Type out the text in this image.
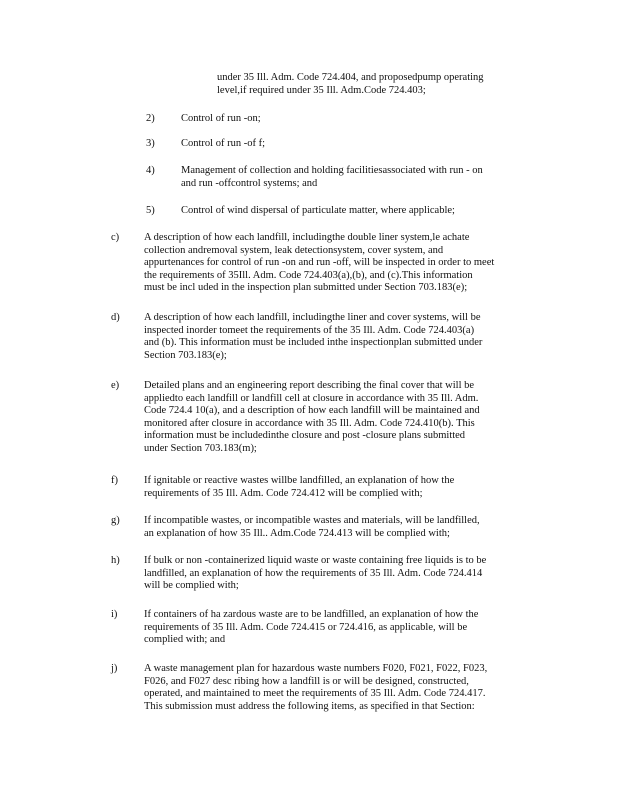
under 35 Ill. Adm. Code 724.404, and proposedpump operating
level,if required under 35 Ill. Adm.Code 724.403;
2)	Control of run -on;
3)	Control of run -of f;
4)	Management of collection and holding facilitiesassociated with run - on
and run -offcontrol systems; and
5)	Control of wind dispersal of particulate matter, where applicable;
c) A description of how each landfill, includingthe double liner system,le achate
collection andremoval system, leak detectionsystem, cover system, and
appurtenances for control of run -on and run -off, will be inspected in order to meet
the requirements of 35Ill. Adm. Code 724.403(a),(b), and (c).This information
must be incl uded in the inspection plan submitted under Section 703.183(e);
d) A description of how each landfill, includingthe liner and cover systems, will be
inspected inorder tomeet the requirements of the 35 Ill. Adm. Code 724.403(a)
and (b). This information must be included inthe inspectionplan submitted under
Section 703.183(e);
e) Detailed plans and an engineering report describing the final cover that will be
appliedto each landfill or landfill cell at closure in accordance with 35 Ill. Adm.
Code 724.4 10(a), and a description of how each landfill will be maintained and
monitored after closure in accordance with 35 Ill. Adm. Code 724.410(b). This
information must be includedinthe closure and post -closure plans submitted
under Section 703.183(m);
f) If ignitable or reactive wastes willbe landfilled, an explanation of how the
requirements of 35 Ill. Adm. Code 724.412 will be complied with;
g) If incompatible wastes, or incompatible wastes and materials, will be landfilled,
an explanation of how 35 Ill.. Adm.Code 724.413 will be complied with;
h) If bulk or non -containerized liquid waste or waste containing free liquids is to be
landfilled, an explanation of how the requirements of 35 Ill. Adm. Code 724.414
will be complied with;
i)	If containers of ha zardous waste are to be landfilled, an explanation of how the
requirements of 35 Ill. Adm. Code 724.415 or 724.416, as applicable, will be
complied with; and
j)	A waste management plan for hazardous waste numbers F020, F021, F022, F023,
F026, and F027 desc ribing how a landfill is or will be designed, constructed,
operated, and maintained to meet the requirements of 35 Ill. Adm. Code 724.417.
This submission must address the following items, as specified in that Section:
